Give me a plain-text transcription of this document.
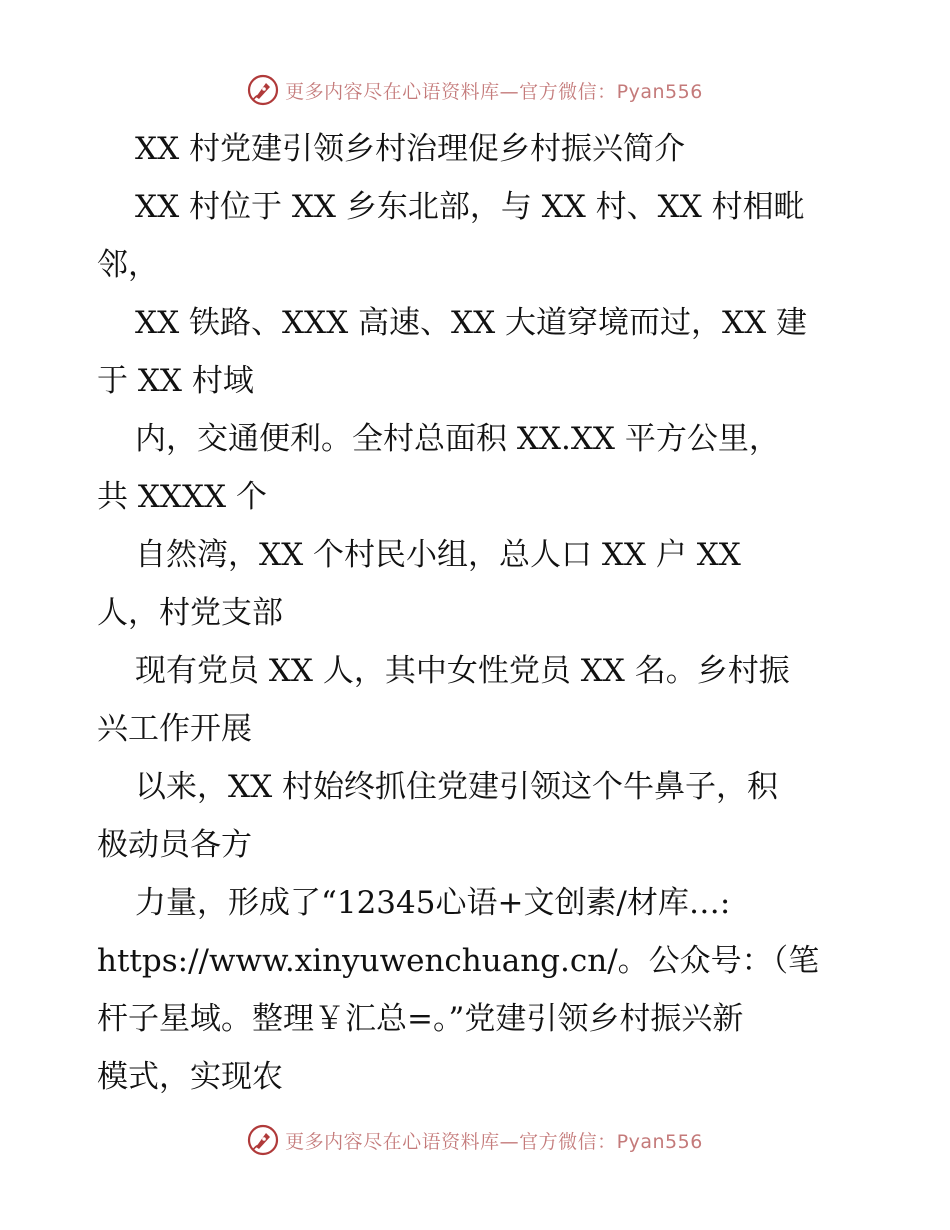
更多内容尽在心语资料库—官方微信：Pyan556

XX 村党建引领乡村治理促乡村振兴简介

XX 村位于 XX 乡东北部，与 XX 村、XX 村相毗

邻，

XX 铁路、XXX 高速、XX 大道穿境而过，XX 建

于 XX 村域

内，交通便利。全村总面积 XX.XX 平方公里，

共 XXXX 个

自然湾，XX 个村民小组，总人口 XX 户 XX

人，村党支部

现有党员 XX 人，其中女性党员 XX 名。乡村振

兴工作开展

以来，XX 村始终抓住党建引领这个牛鼻子，积

极动员各方

力量，形成了“12345心语+文创素/材库…:

https://www.xinyuwenchuang.cn/。公众号：（笔

杆子星域。整理￥汇总=。”党建引领乡村振兴新

模式，实现农

更多内容尽在心语资料库—官方微信：Pyan556
